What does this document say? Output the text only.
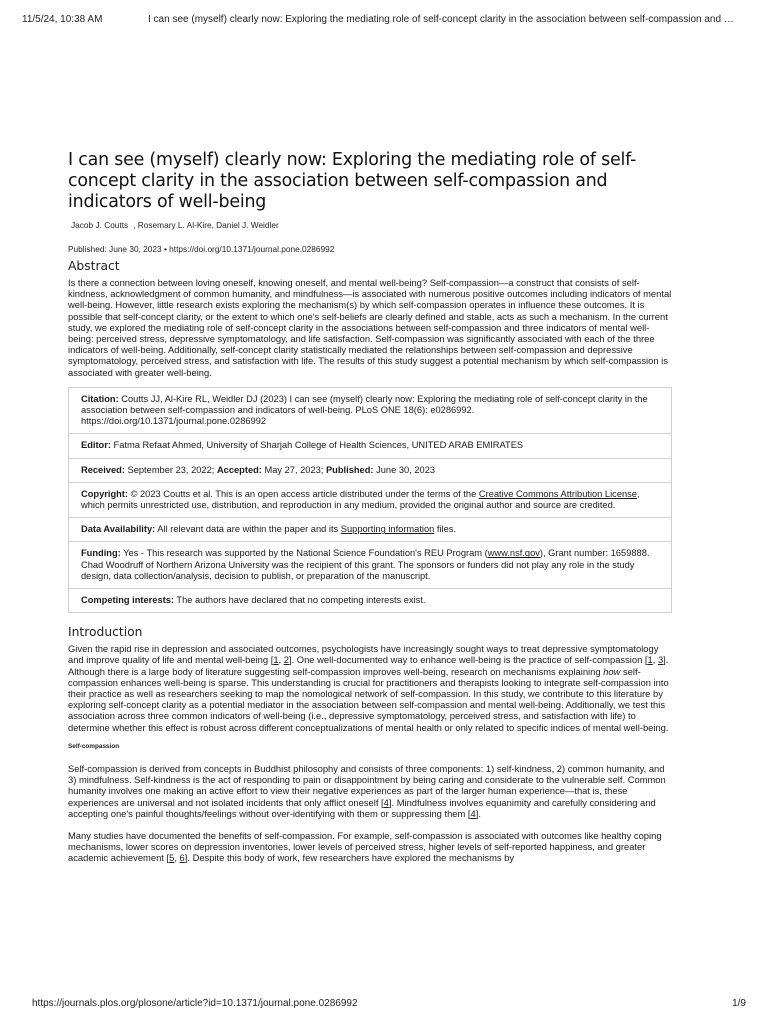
11/5/24, 10:38 AM	I can see (myself) clearly now: Exploring the mediating role of self-concept clarity in the association between self-compassion and …
I can see (myself) clearly now: Exploring the mediating role of self-concept clarity in the association between self-compassion and indicators of well-being
Jacob J. Coutts , Rosemary L. Al-Kire, Daniel J. Weidler
Published: June 30, 2023 • https://doi.org/10.1371/journal.pone.0286992
Abstract

Is there a connection between loving oneself, knowing oneself, and mental well-being? Self-compassion—a construct that consists of self-kindness, acknowledgment of common humanity, and mindfulness—is associated with numerous positive outcomes including indicators of mental well-being. However, little research exists exploring the mechanism(s) by which self-compassion operates in influence these outcomes. It is possible that self-concept clarity, or the extent to which one's self-beliefs are clearly defined and stable, acts as such a mechanism. In the current study, we explored the mediating role of self-concept clarity in the associations between self-compassion and three indicators of mental well-being: perceived stress, depressive symptomatology, and life satisfaction. Self-compassion was significantly associated with each of the three indicators of well-being. Additionally, self-concept clarity statistically mediated the relationships between self-compassion and depressive symptomatology, perceived stress, and satisfaction with life. The results of this study suggest a potential mechanism by which self-compassion is associated with greater well-being.

Citation: Coutts JJ, Al-Kire RL, Weidler DJ (2023) I can see (myself) clearly now: Exploring the mediating role of self-concept clarity in the association between self-compassion and indicators of well-being. PLoS ONE 18(6): e0286992. https://doi.org/10.1371/journal.pone.0286992
Editor: Fatma Refaat Ahmed, University of Sharjah College of Health Sciences, UNITED ARAB EMIRATES
Received: September 23, 2022; Accepted: May 27, 2023; Published: June 30, 2023
Copyright: © 2023 Coutts et al. This is an open access article distributed under the terms of the Creative Commons Attribution License, which permits unrestricted use, distribution, and reproduction in any medium, provided the original author and source are credited.
Data Availability: All relevant data are within the paper and its Supporting information files.
Funding: Yes - This research was supported by the National Science Foundation's REU Program (www.nsf.gov), Grant number: 1659888. Chad Woodruff of Northern Arizona University was the recipient of this grant. The sponsors or funders did not play any role in the study design, data collection/analysis, decision to publish, or preparation of the manuscript.
Competing interests: The authors have declared that no competing interests exist.
Introduction

Given the rapid rise in depression and associated outcomes, psychologists have increasingly sought ways to treat depressive symptomatology and improve quality of life and mental well-being [1, 2]. One well-documented way to enhance well-being is the practice of self-compassion [1, 3]. Although there is a large body of literature suggesting self-compassion improves well-being, research on mechanisms explaining how self-compassion enhances well-being is sparse. This understanding is crucial for practitioners and therapists looking to integrate self-compassion into their practice as well as researchers seeking to map the nomological network of self-compassion. In this study, we contribute to this literature by exploring self-concept clarity as a potential mediator in the association between self-compassion and mental well-being. Additionally, we test this association across three common indicators of well-being (i.e., depressive symptomatology, perceived stress, and satisfaction with life) to determine whether this effect is robust across different conceptualizations of mental health or only related to specific indices of mental well-being.

Self-compassion

Self-compassion is derived from concepts in Buddhist philosophy and consists of three components: 1) self-kindness, 2) common humanity, and 3) mindfulness. Self-kindness is the act of responding to pain or disappointment by being caring and considerate to the vulnerable self. Common humanity involves one making an active effort to view their negative experiences as part of the larger human experience—that is, these experiences are universal and not isolated incidents that only afflict oneself [4]. Mindfulness involves equanimity and carefully considering and accepting one's painful thoughts/feelings without over-identifying with them or suppressing them [4].

Many studies have documented the benefits of self-compassion. For example, self-compassion is associated with outcomes like healthy coping mechanisms, lower scores on depression inventories, lower levels of perceived stress, higher levels of self-reported happiness, and greater academic achievement [5, 6]. Despite this body of work, few researchers have explored the mechanisms by

https://journals.plos.org/plosone/article?id=10.1371/journal.pone.0286992	1/9
